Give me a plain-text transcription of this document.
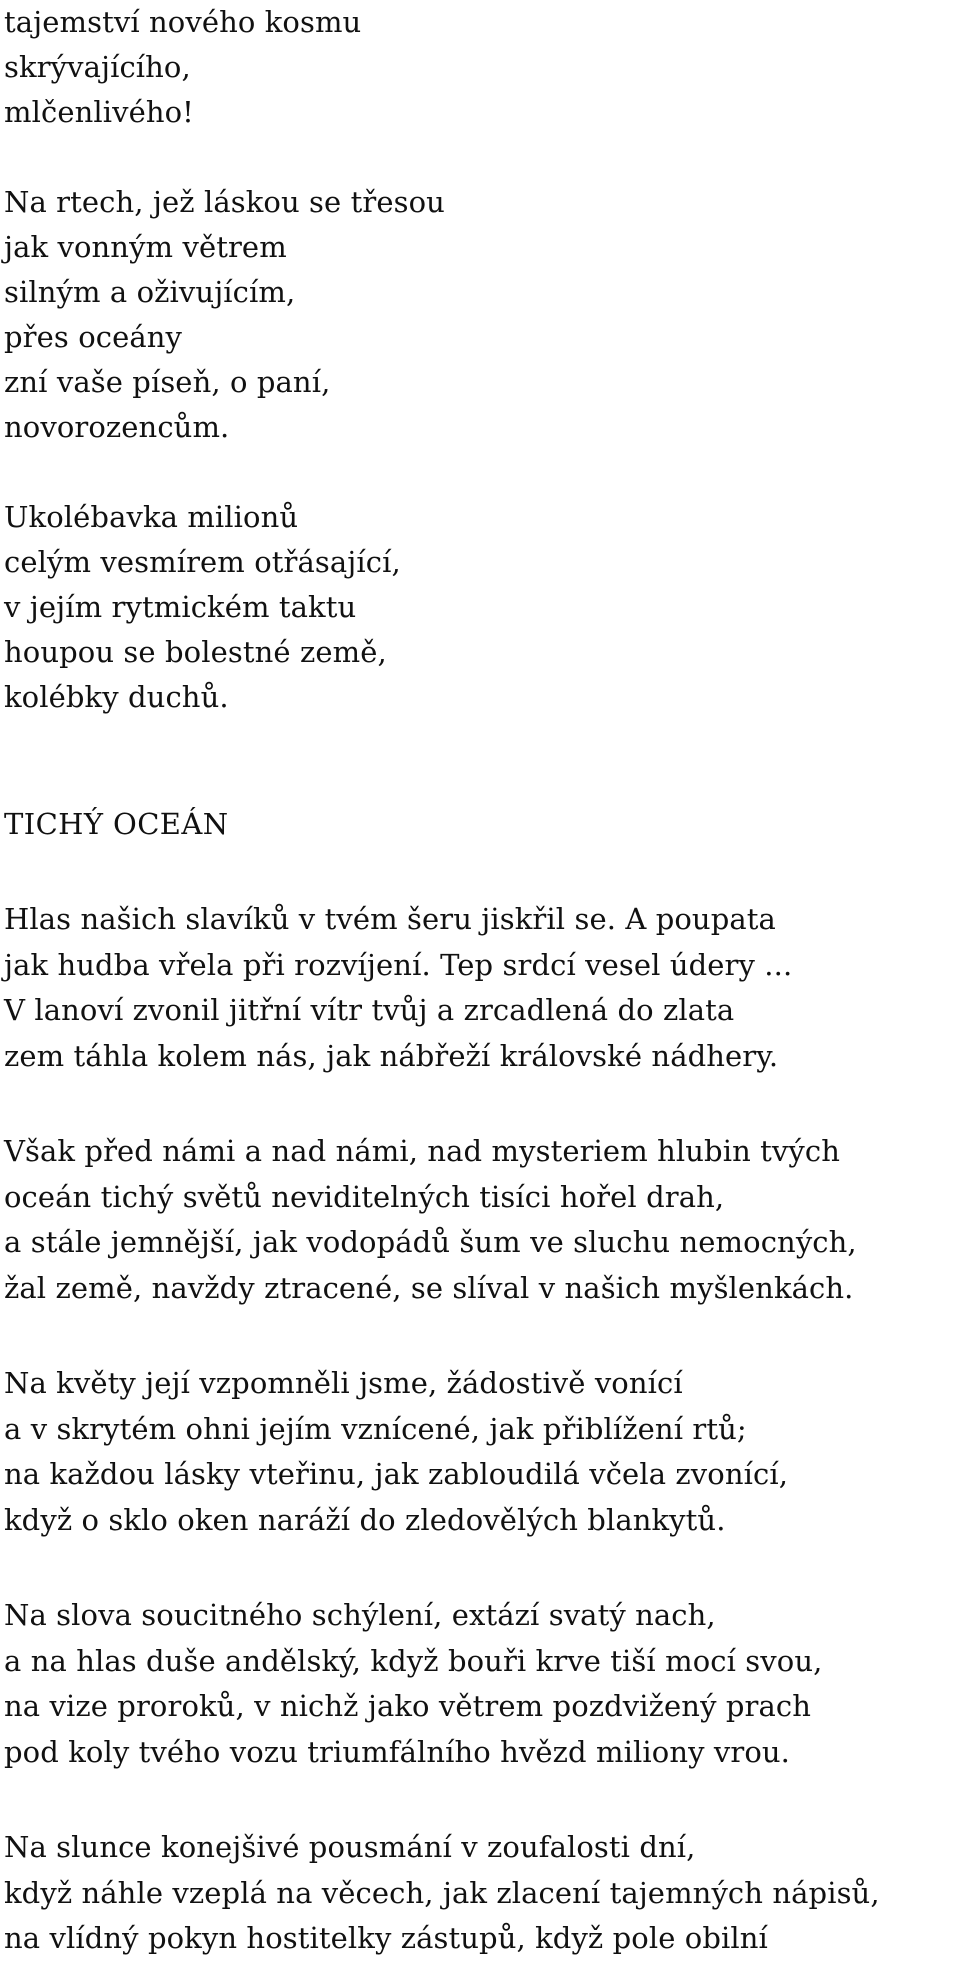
tajemství nového kosmu
skrývajícího,
mlčenlivého!
Na rtech, jež láskou se třesou
jak vonným větrem
silným a oživujícím,
přes oceány
zní vaše píseň, o paní,
novorozencům.
Ukolébavka milionů
celým vesmírem otřásající,
v jejím rytmickém taktu
houpou se bolestné země,
kolébky duchů.
TICHÝ OCEÁN
Hlas našich slavíků v tvém šeru jiskřil se. A poupata
jak hudba vřela při rozvíjení. Tep srdcí vesel údery ...
V lanoví zvonil jitřní vítr tvůj a zrcadlená do zlata
zem táhla kolem nás, jak nábřeží královské nádhery.
Však před námi a nad námi, nad mysteriem hlubin tvých
oceán tichý světů neviditelných tisíci hořel drah,
a stále jemnější, jak vodopádů šum ve sluchu nemocných,
žal země, navždy ztracené, se slíval v našich myšlenkách.
Na květy její vzpomněli jsme, žádostivě vonící
a v skrytém ohni jejím vznícené, jak přiblížení rtů;
na každou lásky vteřinu, jak zabloudilá včela zvonící,
když o sklo oken naráží do zledovělých blankytů.
Na slova soucitného schýlení, extází svatý nach,
a na hlas duše andělský, když bouři krve tiší mocí svou,
na vize proroků, v nichž jako větrem pozdvižený prach
pod koly tvého vozu triumfálního hvězd miliony vrou.
Na slunce konejšivé pousmání v zoufalosti dní,
když náhle vzeplá na věcech, jak zlacení tajemných nápisů,
na vlídný pokyn hostitelky zástupů, když pole obilní
